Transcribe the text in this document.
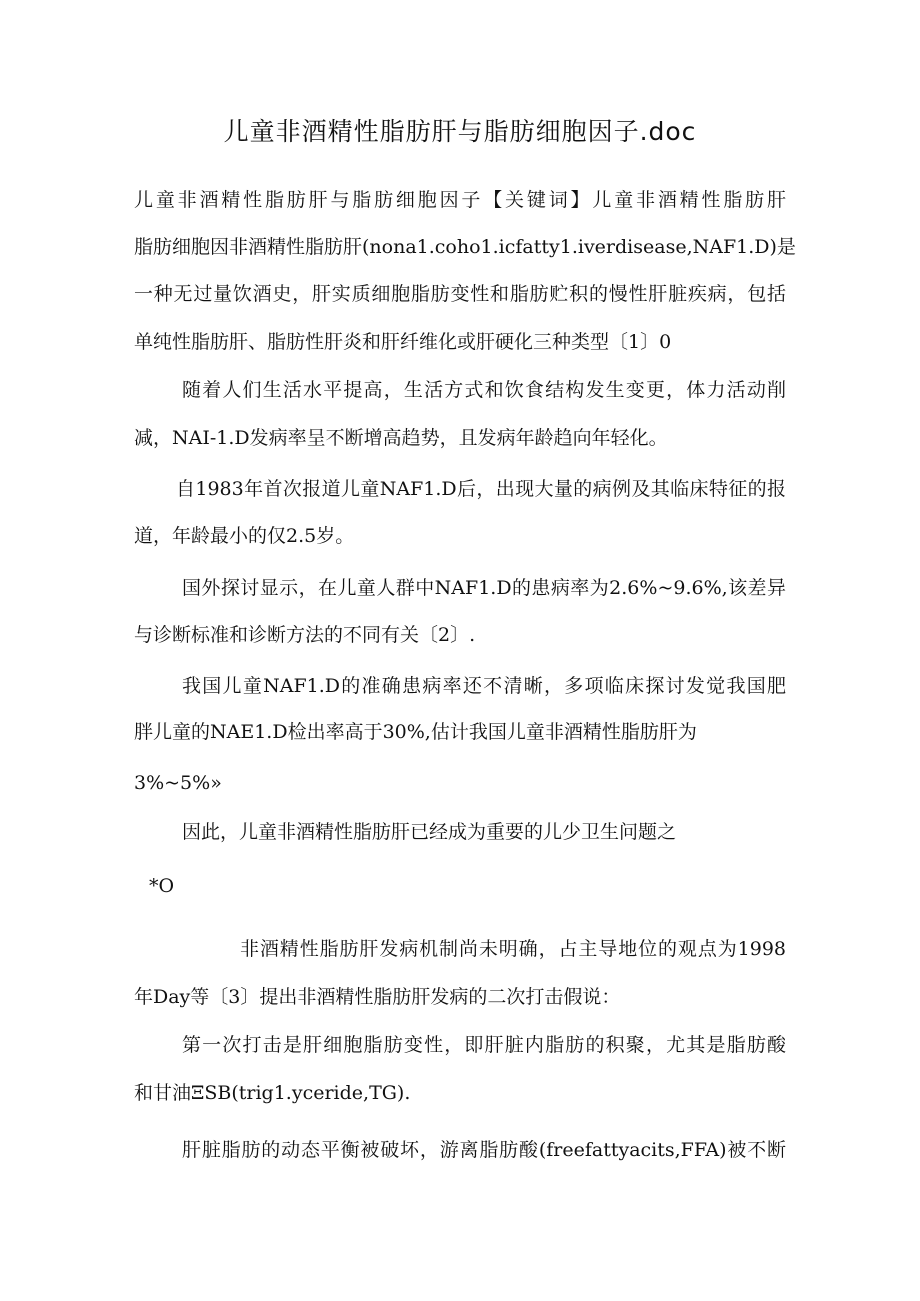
儿童非酒精性脂肪肝与脂肪细胞因子.doc
儿童非酒精性脂肪肝与脂肪细胞因子【关键词】儿童非酒精性脂肪肝
脂肪细胞因非酒精性脂肪肝(nona1.coho1.icfatty1.iverdisease,NAF1.D)是
一种无过量饮酒史，肝实质细胞脂肪变性和脂肪贮积的慢性肝脏疾病，包括
单纯性脂肪肝、脂肪性肝炎和肝纤维化或肝硬化三种类型〔1〕0
随着人们生活水平提高，生活方式和饮食结构发生变更，体力活动削
减，NAI-1.D发病率呈不断增高趋势，且发病年龄趋向年轻化。
自1983年首次报道儿童NAF1.D后，出现大量的病例及其临床特征的报
道，年龄最小的仅2.5岁。
国外探讨显示，在儿童人群中NAF1.D的患病率为2.6%~9.6%,该差异
与诊断标准和诊断方法的不同有关〔2〕.
我国儿童NAF1.D的准确患病率还不清晰，多项临床探讨发觉我国肥
胖儿童的NAE1.D检出率高于30%,估计我国儿童非酒精性脂肪肝为
3%~5%»
因此，儿童非酒精性脂肪肝已经成为重要的儿少卫生问题之
*O
非酒精性脂肪肝发病机制尚未明确，占主导地位的观点为1998
年Day等〔3〕提出非酒精性脂肪肝发病的二次打击假说：
第一次打击是肝细胞脂肪变性，即肝脏内脂肪的积聚，尤其是脂肪酸
和甘油ΞSB(trig1.yceride,TG).
肝脏脂肪的动态平衡被破坏，游离脂肪酸(freefattyacits,FFA)被不断
